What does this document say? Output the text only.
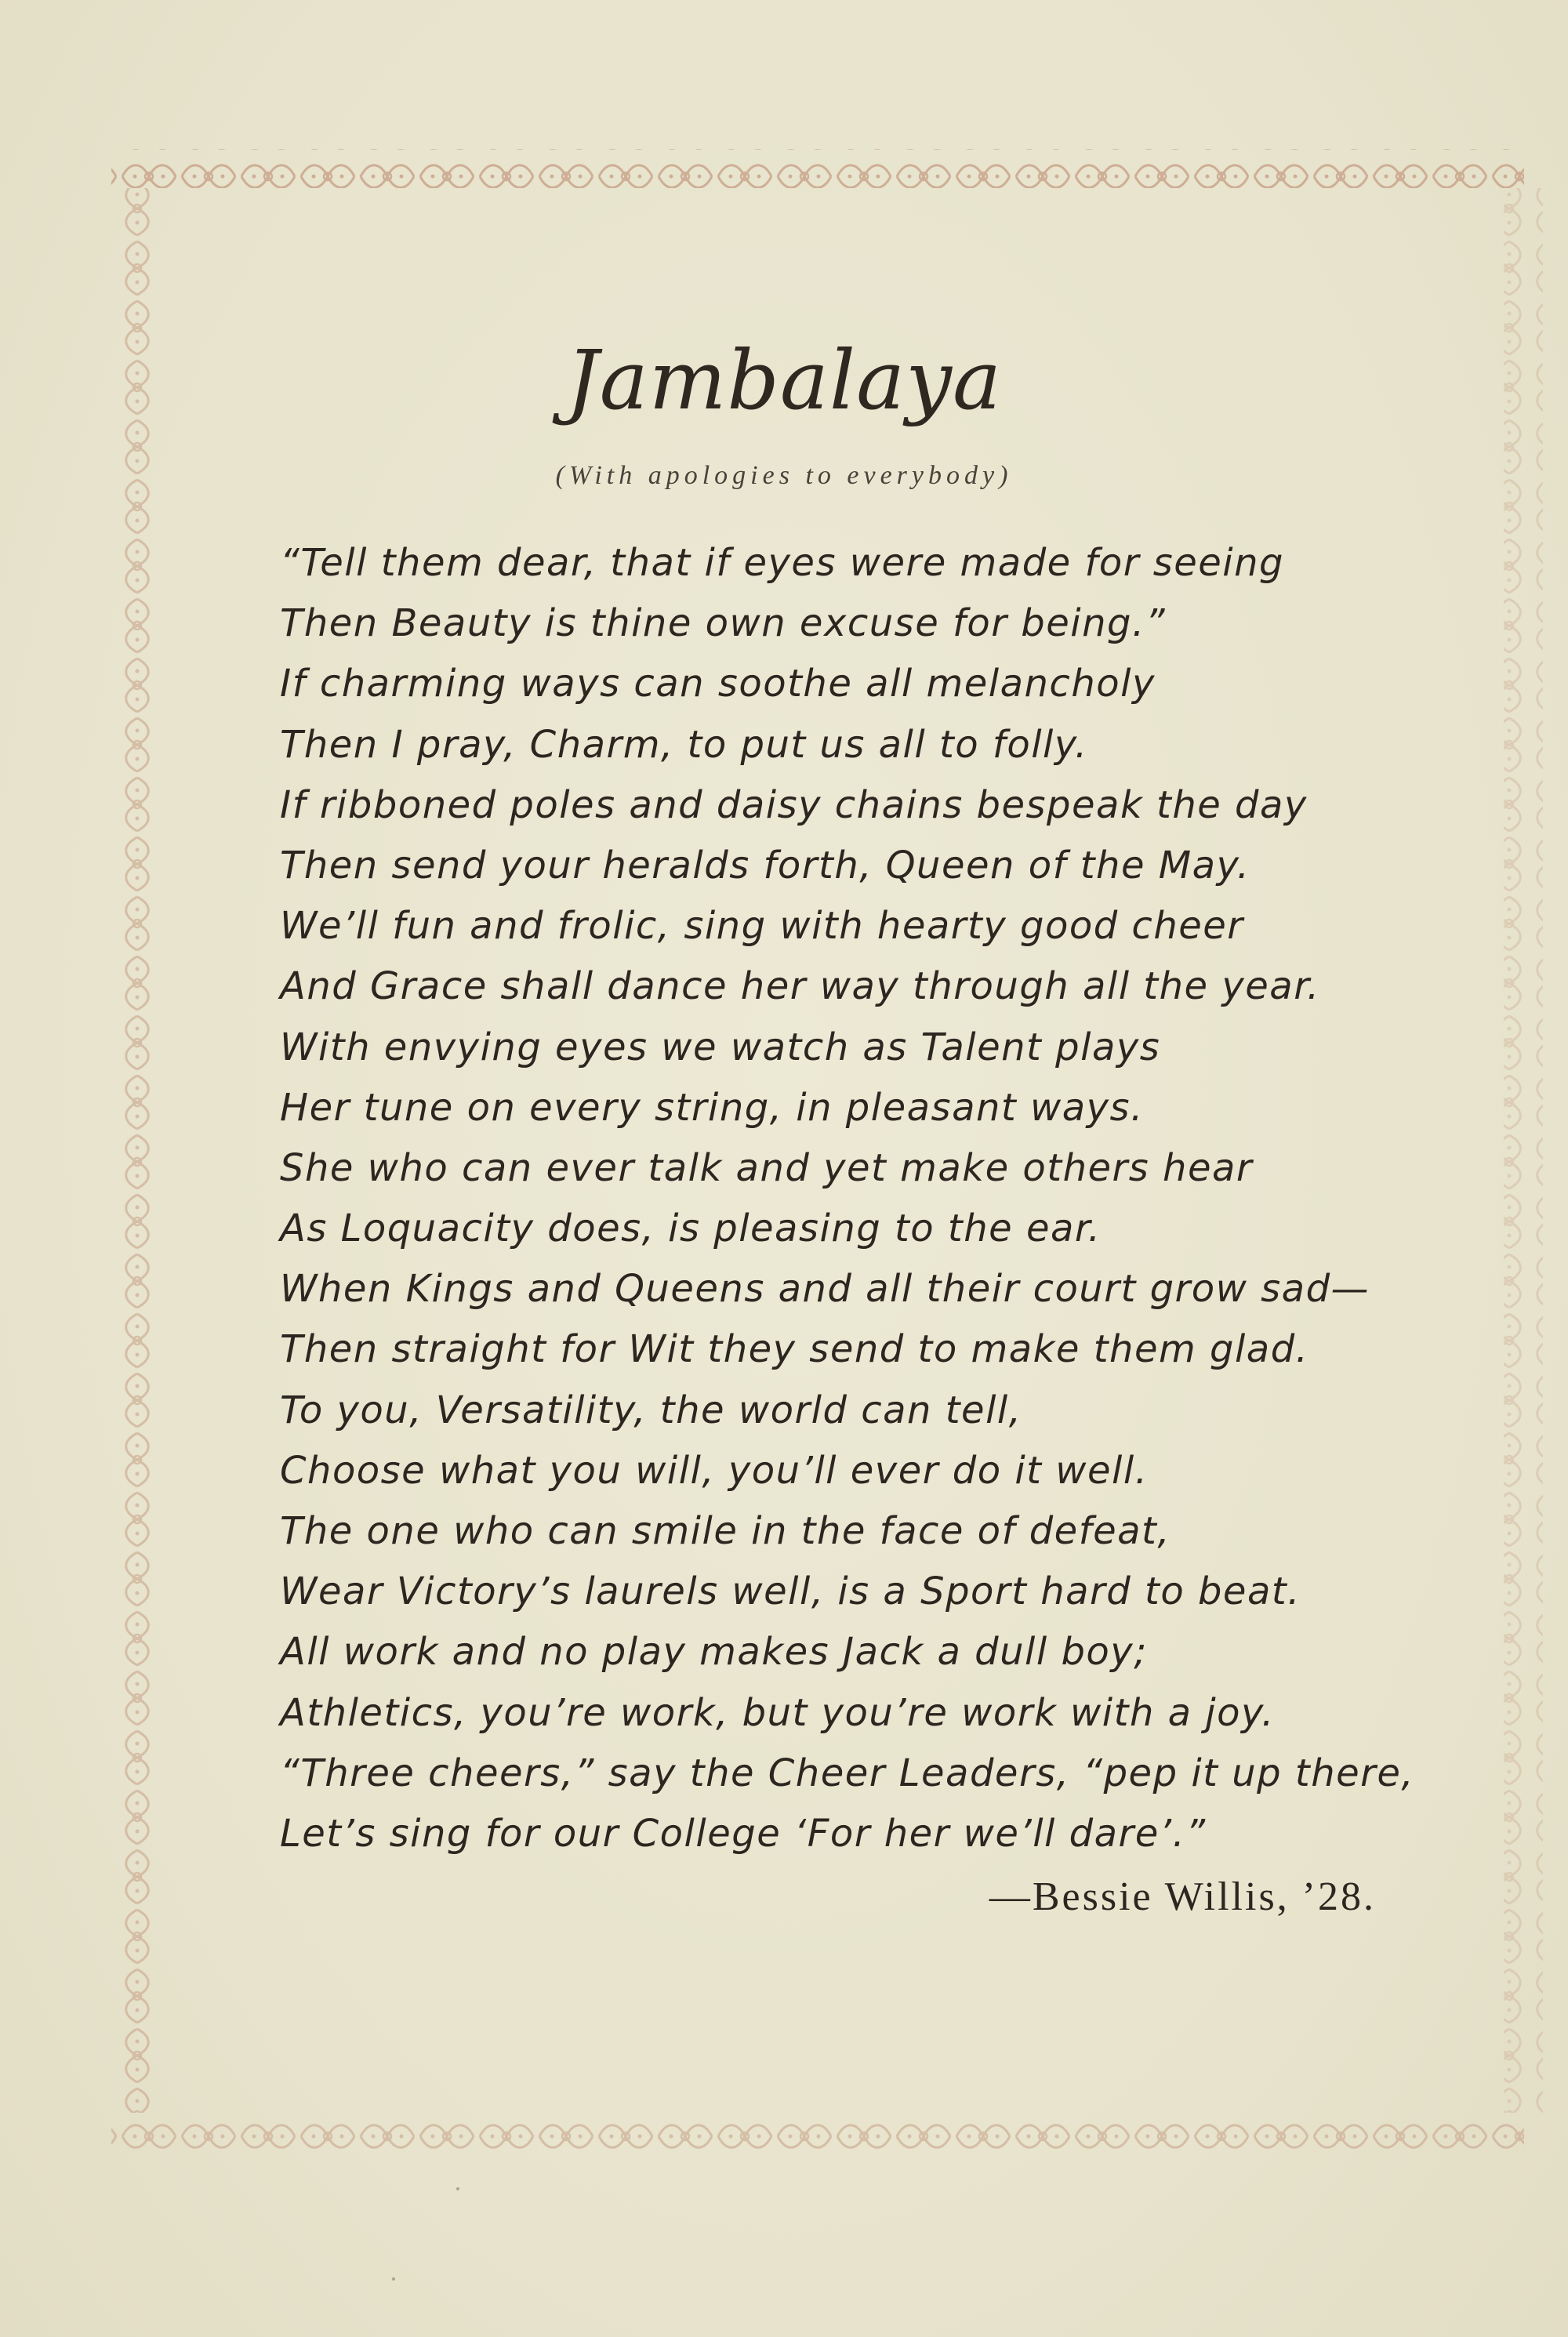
Jambalaya
(With apologies to everybody)
“Tell them dear, that if eyes were made for seeing
Then Beauty is thine own excuse for being.”
If charming ways can soothe all melancholy
Then I pray, Charm, to put us all to folly.
If ribboned poles and daisy chains bespeak the day
Then send your heralds forth, Queen of the May.
We’ll fun and frolic, sing with hearty good cheer
And Grace shall dance her way through all the year.
With envying eyes we watch as Talent plays
Her tune on every string, in pleasant ways.
She who can ever talk and yet make others hear
As Loquacity does, is pleasing to the ear.
When Kings and Queens and all their court grow sad—
Then straight for Wit they send to make them glad.
To you, Versatility, the world can tell,
Choose what you will, you’ll ever do it well.
The one who can smile in the face of defeat,
Wear Victory’s laurels well, is a Sport hard to beat.
All work and no play makes Jack a dull boy;
Athletics, you’re work, but you’re work with a joy.
“Three cheers,” say the Cheer Leaders, “pep it up there,
Let’s sing for our College ‘For her we’ll dare’.”
—Bessie Willis, ’28.
